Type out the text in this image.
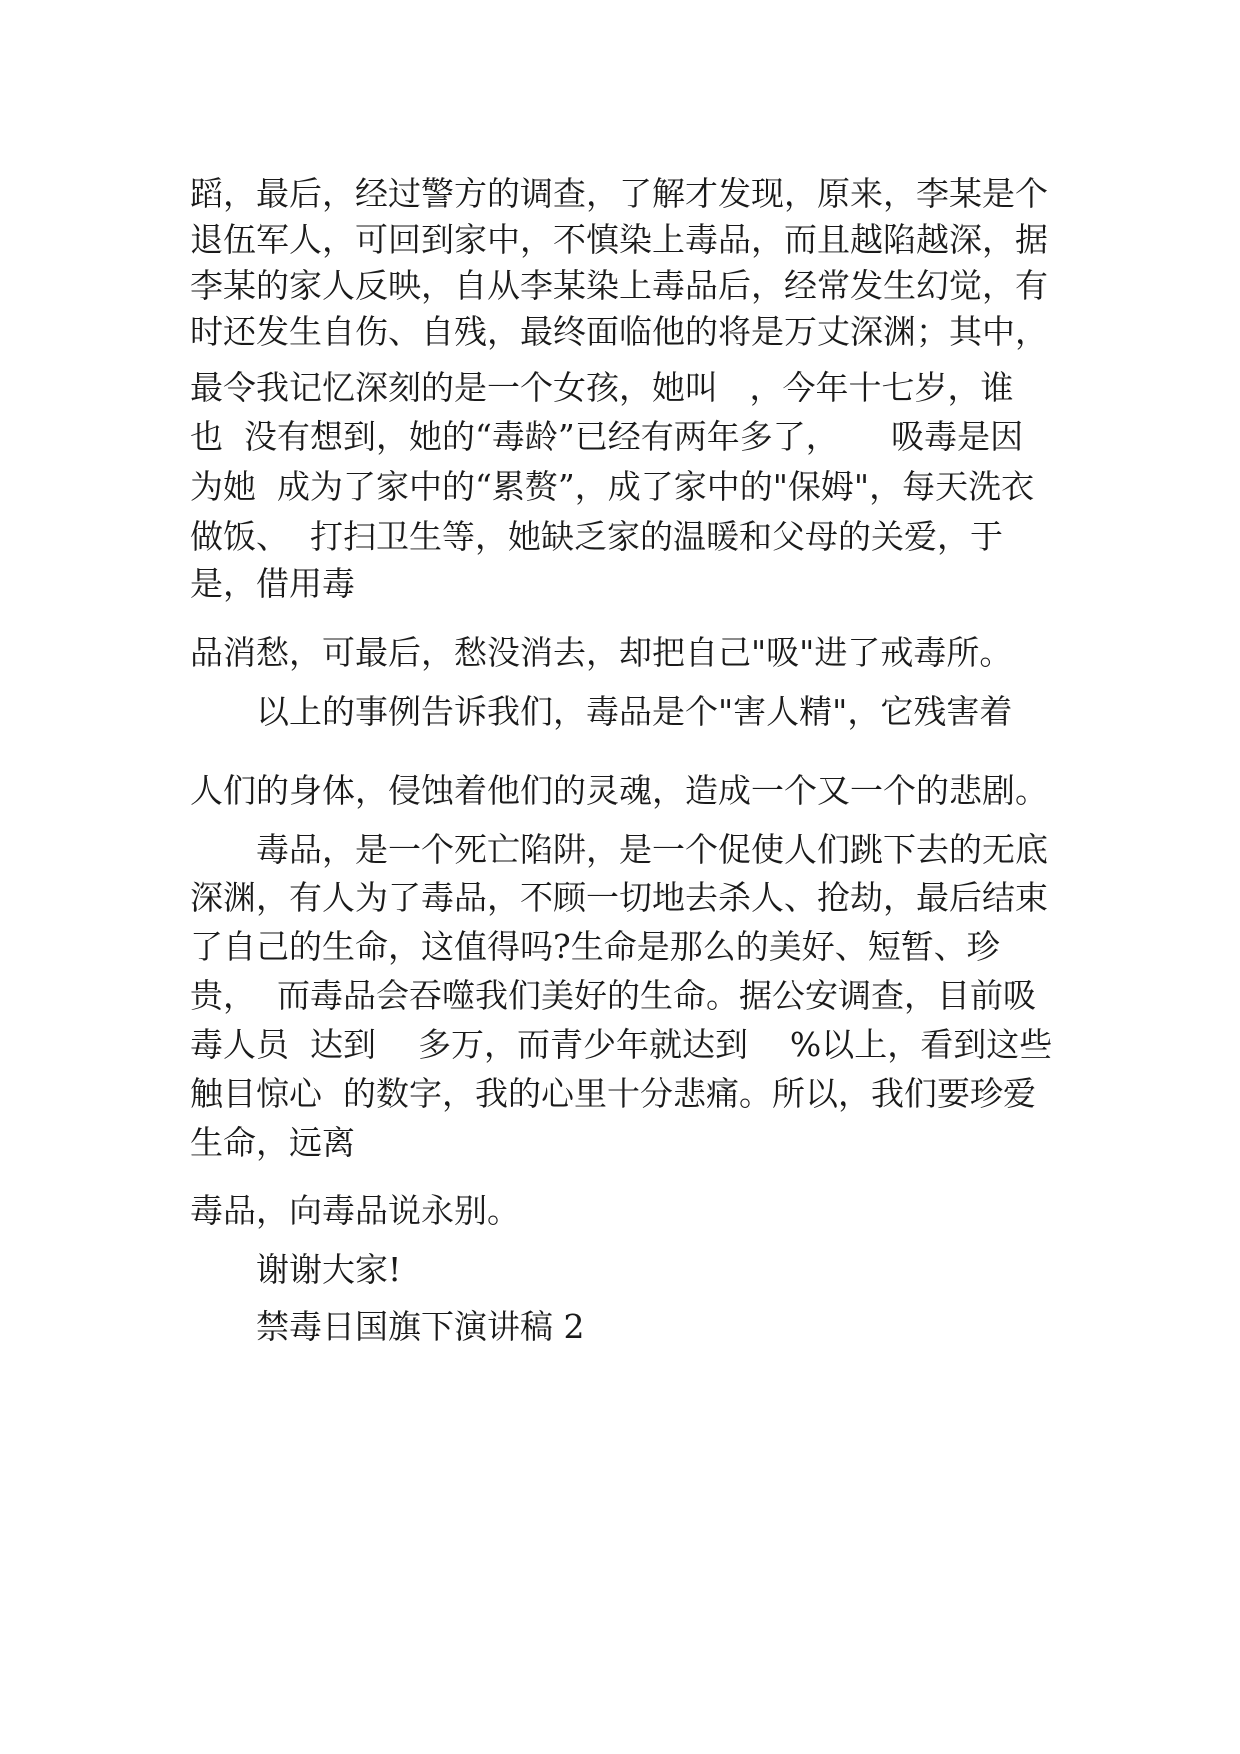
蹈，最后，经过警方的调查，了解才发现，原来，李某是个
退伍军人，可回到家中，不慎染上毒品，而且越陷越深，据
李某的家人反映，自从李某染上毒品后，经常发生幻觉，有
时还发生自伤、自残，最终面临他的将是万丈深渊；其中，
最令我记忆深刻的是一个女孩，她叫   ，今年十七岁，谁
也  没有想到，她的“毒龄”已经有两年多了，     吸毒是因
为她  成为了家中的“累赘”，成了家中的"保姆"，每天洗衣
做饭、  打扫卫生等，她缺乏家的温暖和父母的关爱，于
是，借用毒
品消愁，可最后，愁没消去，却把自己"吸"进了戒毒所。
以上的事例告诉我们，毒品是个"害人精"，它残害着
人们的身体，侵蚀着他们的灵魂，造成一个又一个的悲剧。
毒品，是一个死亡陷阱，是一个促使人们跳下去的无底
深渊，有人为了毒品，不顾一切地去杀人、抢劫，最后结束
了自己的生命，这值得吗?生命是那么的美好、短暂、珍
贵，  而毒品会吞噬我们美好的生命。据公安调查，目前吸
毒人员  达到    多万，而青少年就达到    %以上，看到这些
触目惊心  的数字，我的心里十分悲痛。所以，我们要珍爱
生命，远离
毒品，向毒品说永别。
谢谢大家!
禁毒日国旗下演讲稿 2
